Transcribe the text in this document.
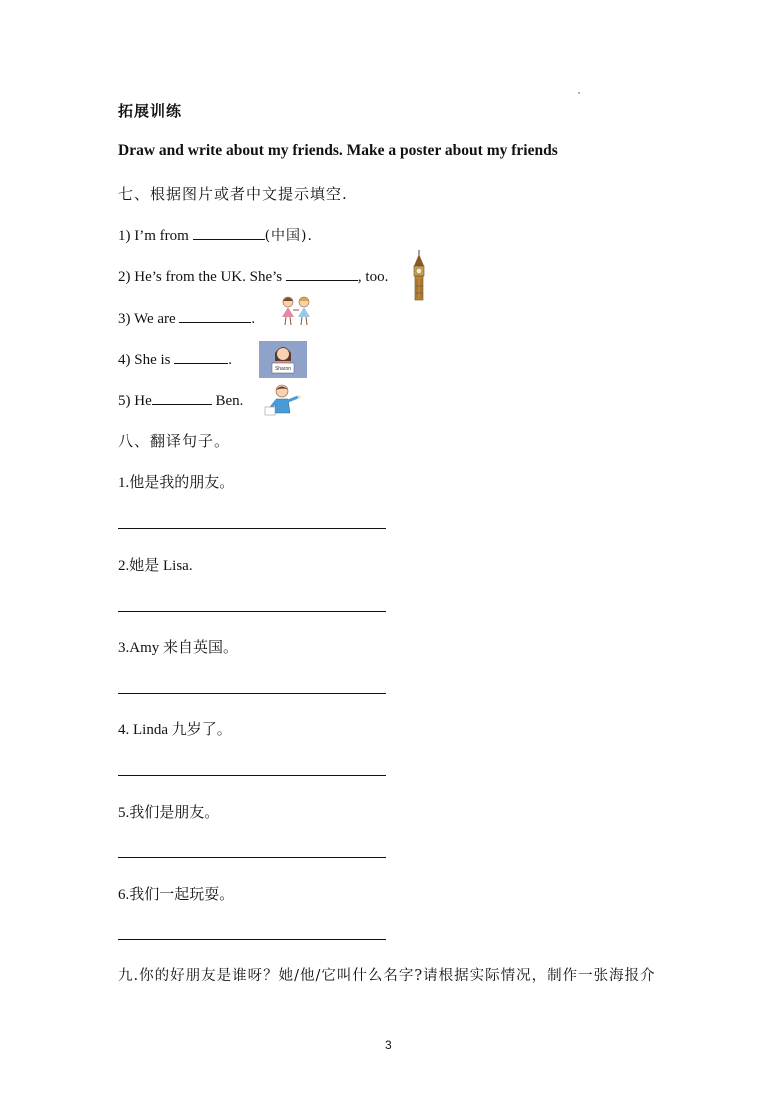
拓展训练
Draw and write about my friends. Make a poster about my friends
七、根据图片或者中文提示填空.
1) I’m from	(中国).
2) He’s from the UK. She’s	, too.
3) We are	.
4) She is	.
5) He	Ben.
Sharon
八、翻译句子。
1.他是我的朋友。
2.她是 Lisa.
3.Amy 来自英国。
4. Linda 九岁了。
5.我们是朋友。
6.我们一起玩耍。
九.你的好朋友是谁呀？她/他/它叫什么名字?请根据实际情况，制作一张海报介
3
